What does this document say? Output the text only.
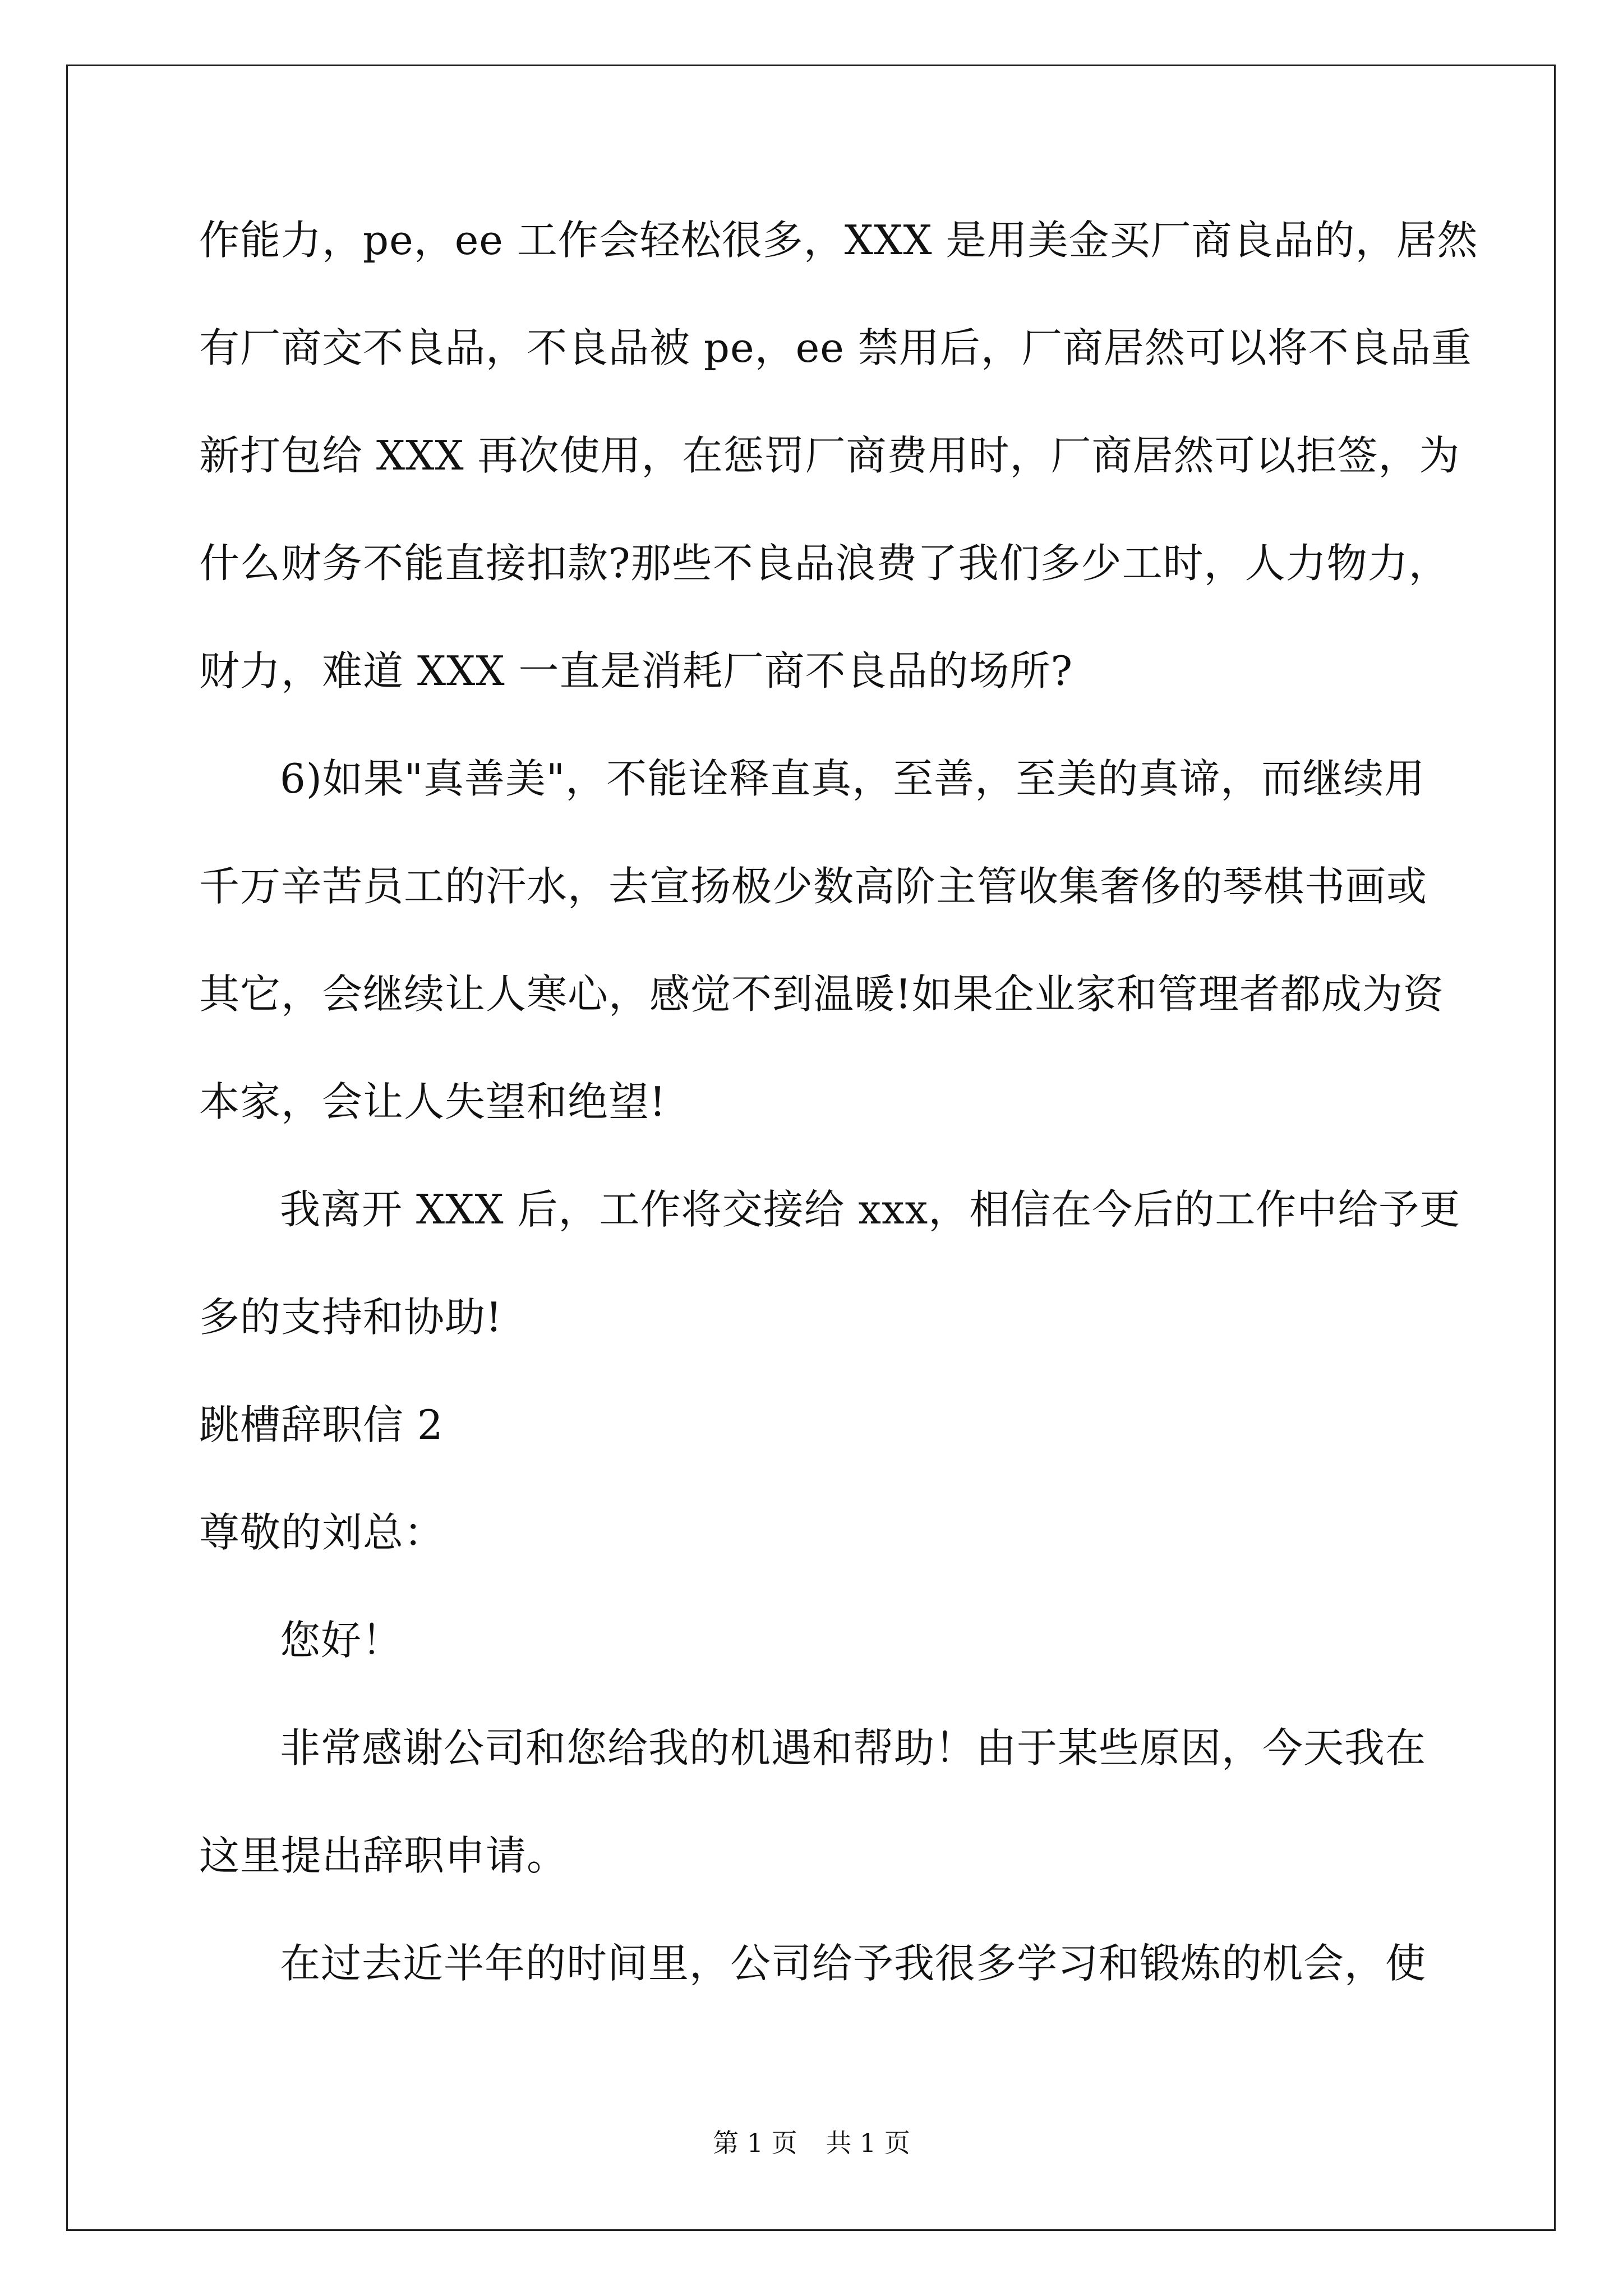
作能力，pe，ee 工作会轻松很多，XXX 是用美金买厂商良品的，居然
有厂商交不良品，不良品被 pe，ee 禁用后，厂商居然可以将不良品重
新打包给 XXX 再次使用，在惩罚厂商费用时，厂商居然可以拒签，为
什么财务不能直接扣款?那些不良品浪费了我们多少工时，人力物力，
财力，难道 XXX 一直是消耗厂商不良品的场所?
6)如果"真善美"，不能诠释直真，至善，至美的真谛，而继续用
千万辛苦员工的汗水，去宣扬极少数高阶主管收集奢侈的琴棋书画或
其它，会继续让人寒心，感觉不到温暖!如果企业家和管理者都成为资
本家，会让人失望和绝望!
我离开 XXX 后，工作将交接给 xxx，相信在今后的工作中给予更
多的支持和协助!
跳槽辞职信 2
尊敬的刘总：
您好！
非常感谢公司和您给我的机遇和帮助！由于某些原因，今天我在
这里提出辞职申请。
在过去近半年的时间里，公司给予我很多学习和锻炼的机会，使
第 1 页 共 1 页
